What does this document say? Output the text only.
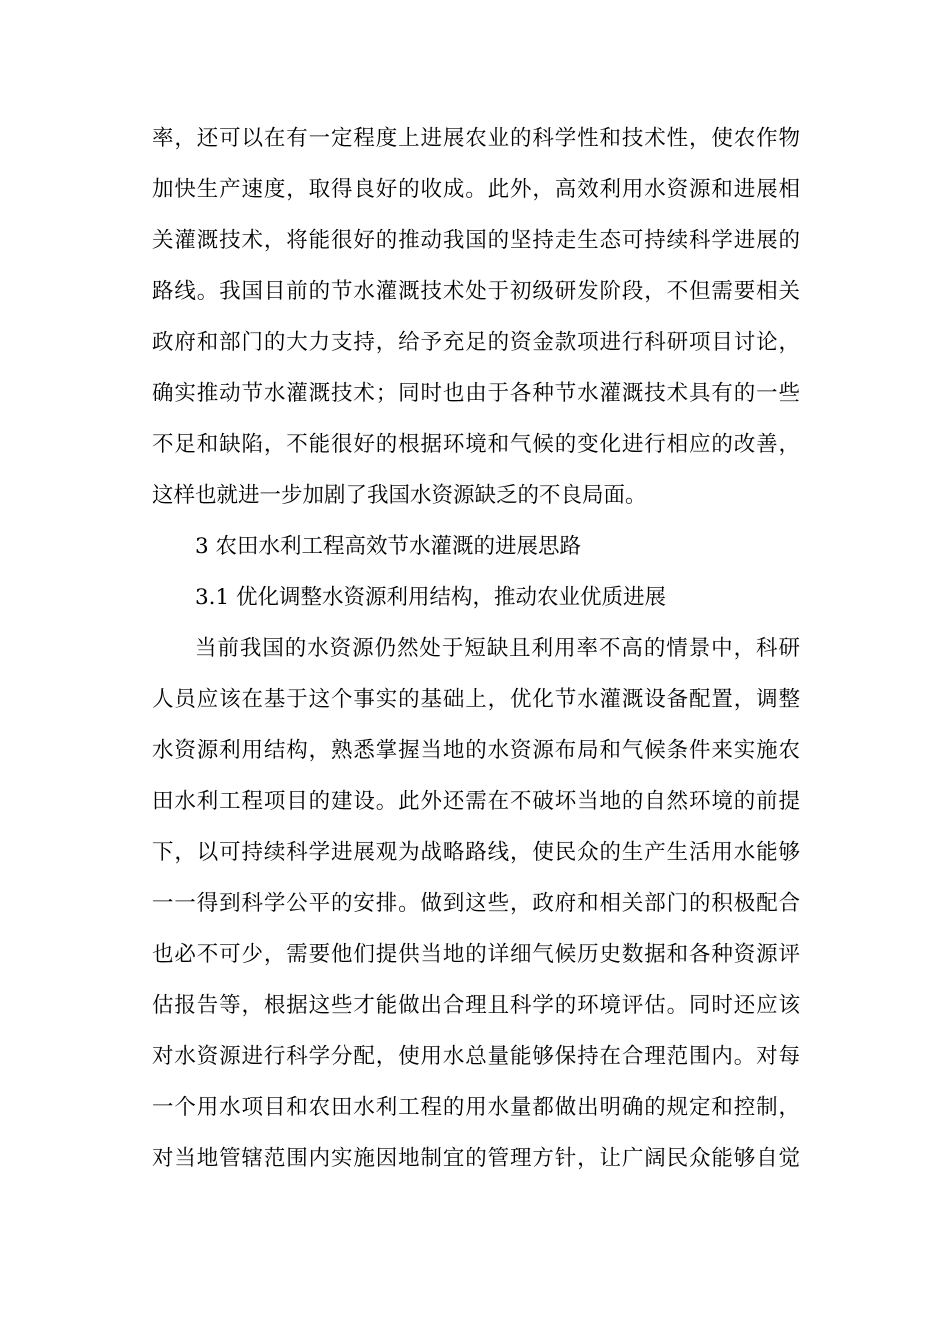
率，还可以在有一定程度上进展农业的科学性和技术性，使农作物
加快生产速度，取得良好的收成。此外，高效利用水资源和进展相
关灌溉技术，将能很好的推动我国的坚持走生态可持续科学进展的
路线。我国目前的节水灌溉技术处于初级研发阶段，不但需要相关
政府和部门的大力支持，给予充足的资金款项进行科研项目讨论，
确实推动节水灌溉技术；同时也由于各种节水灌溉技术具有的一些
不足和缺陷，不能很好的根据环境和气候的变化进行相应的改善，
这样也就进一步加剧了我国水资源缺乏的不良局面。
3 农田水利工程高效节水灌溉的进展思路
3.1 优化调整水资源利用结构，推动农业优质进展
当前我国的水资源仍然处于短缺且利用率不高的情景中，科研
人员应该在基于这个事实的基础上，优化节水灌溉设备配置，调整
水资源利用结构，熟悉掌握当地的水资源布局和气候条件来实施农
田水利工程项目的建设。此外还需在不破坏当地的自然环境的前提
下，以可持续科学进展观为战略路线，使民众的生产生活用水能够
一一得到科学公平的安排。做到这些，政府和相关部门的积极配合
也必不可少，需要他们提供当地的详细气候历史数据和各种资源评
估报告等，根据这些才能做出合理且科学的环境评估。同时还应该
对水资源进行科学分配，使用水总量能够保持在合理范围内。对每
一个用水项目和农田水利工程的用水量都做出明确的规定和控制，
对当地管辖范围内实施因地制宜的管理方针，让广阔民众能够自觉
